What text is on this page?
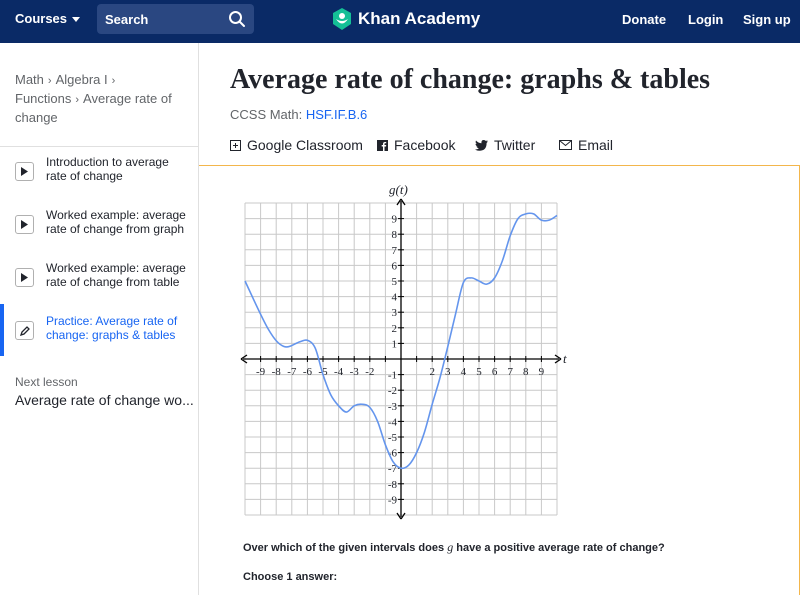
Courses	Search	Khan Academy	Donate Login Sign up
Math › Algebra I ›
Functions › Average rate of change
Introduction to average rate of change
Worked example: average rate of change from graph
Worked example: average rate of change from table
Practice: Average rate of change: graphs & tables
Next lesson
Average rate of change wo...
Average rate of change: graphs & tables
CCSS Math: HSF.IF.B.6
Google Classroom Facebook	Twitter	Email
-9 -8 -7 -6 -5 -4 -3 -2	2 3 4 5 6 7 8 9
9
8
7
6
5
4
3
2
1
-1
-2
-3
-4
-5
-6
-7
-8
-9
g(t)
t
Over which of the given intervals does g have a positive average rate of change?
Choose 1 answer:
